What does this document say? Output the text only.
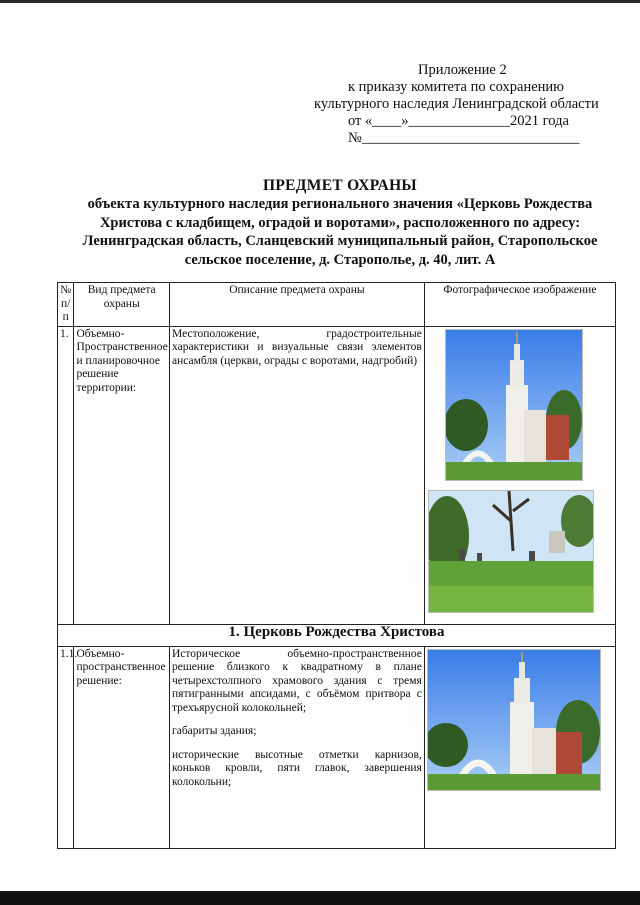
Приложение 2
к приказу комитета по сохранению
культурного наследия Ленинградской области
от «____»______________2021 года
№______________________________
ПРЕДМЕТ ОХРАНЫ
объекта культурного наследия регионального значения «Церковь Рождества Христова с кладбищем, оградой и воротами», расположенного по адресу: Ленинградская область, Сланцевский муниципальный район, Старопольское сельское поселение, д. Старополье, д. 40, лит. А
№ п/п	Вид предмета охраны	Описание предмета охраны	Фотографическое изображение
1.	Объемно-Пространственное и планировочное решение территории:	Местоположение, градостроительные характеристики и визуальные связи элементов ансамбля (церкви, ограды с воротами, надгробий)	

1. Церковь Рождества Христова			
1.1.	Объемно-пространственное решение:	Историческое объемно-пространственное решение близкого к квадратному в плане четырехстолпного храмового здания с тремя пятигранными апсидами, с объёмом притвора с трехъярусной колокольней;
габариты здания;
исторические высотные отметки карнизов, коньков кровли, пяти главок, завершения колокольни;
